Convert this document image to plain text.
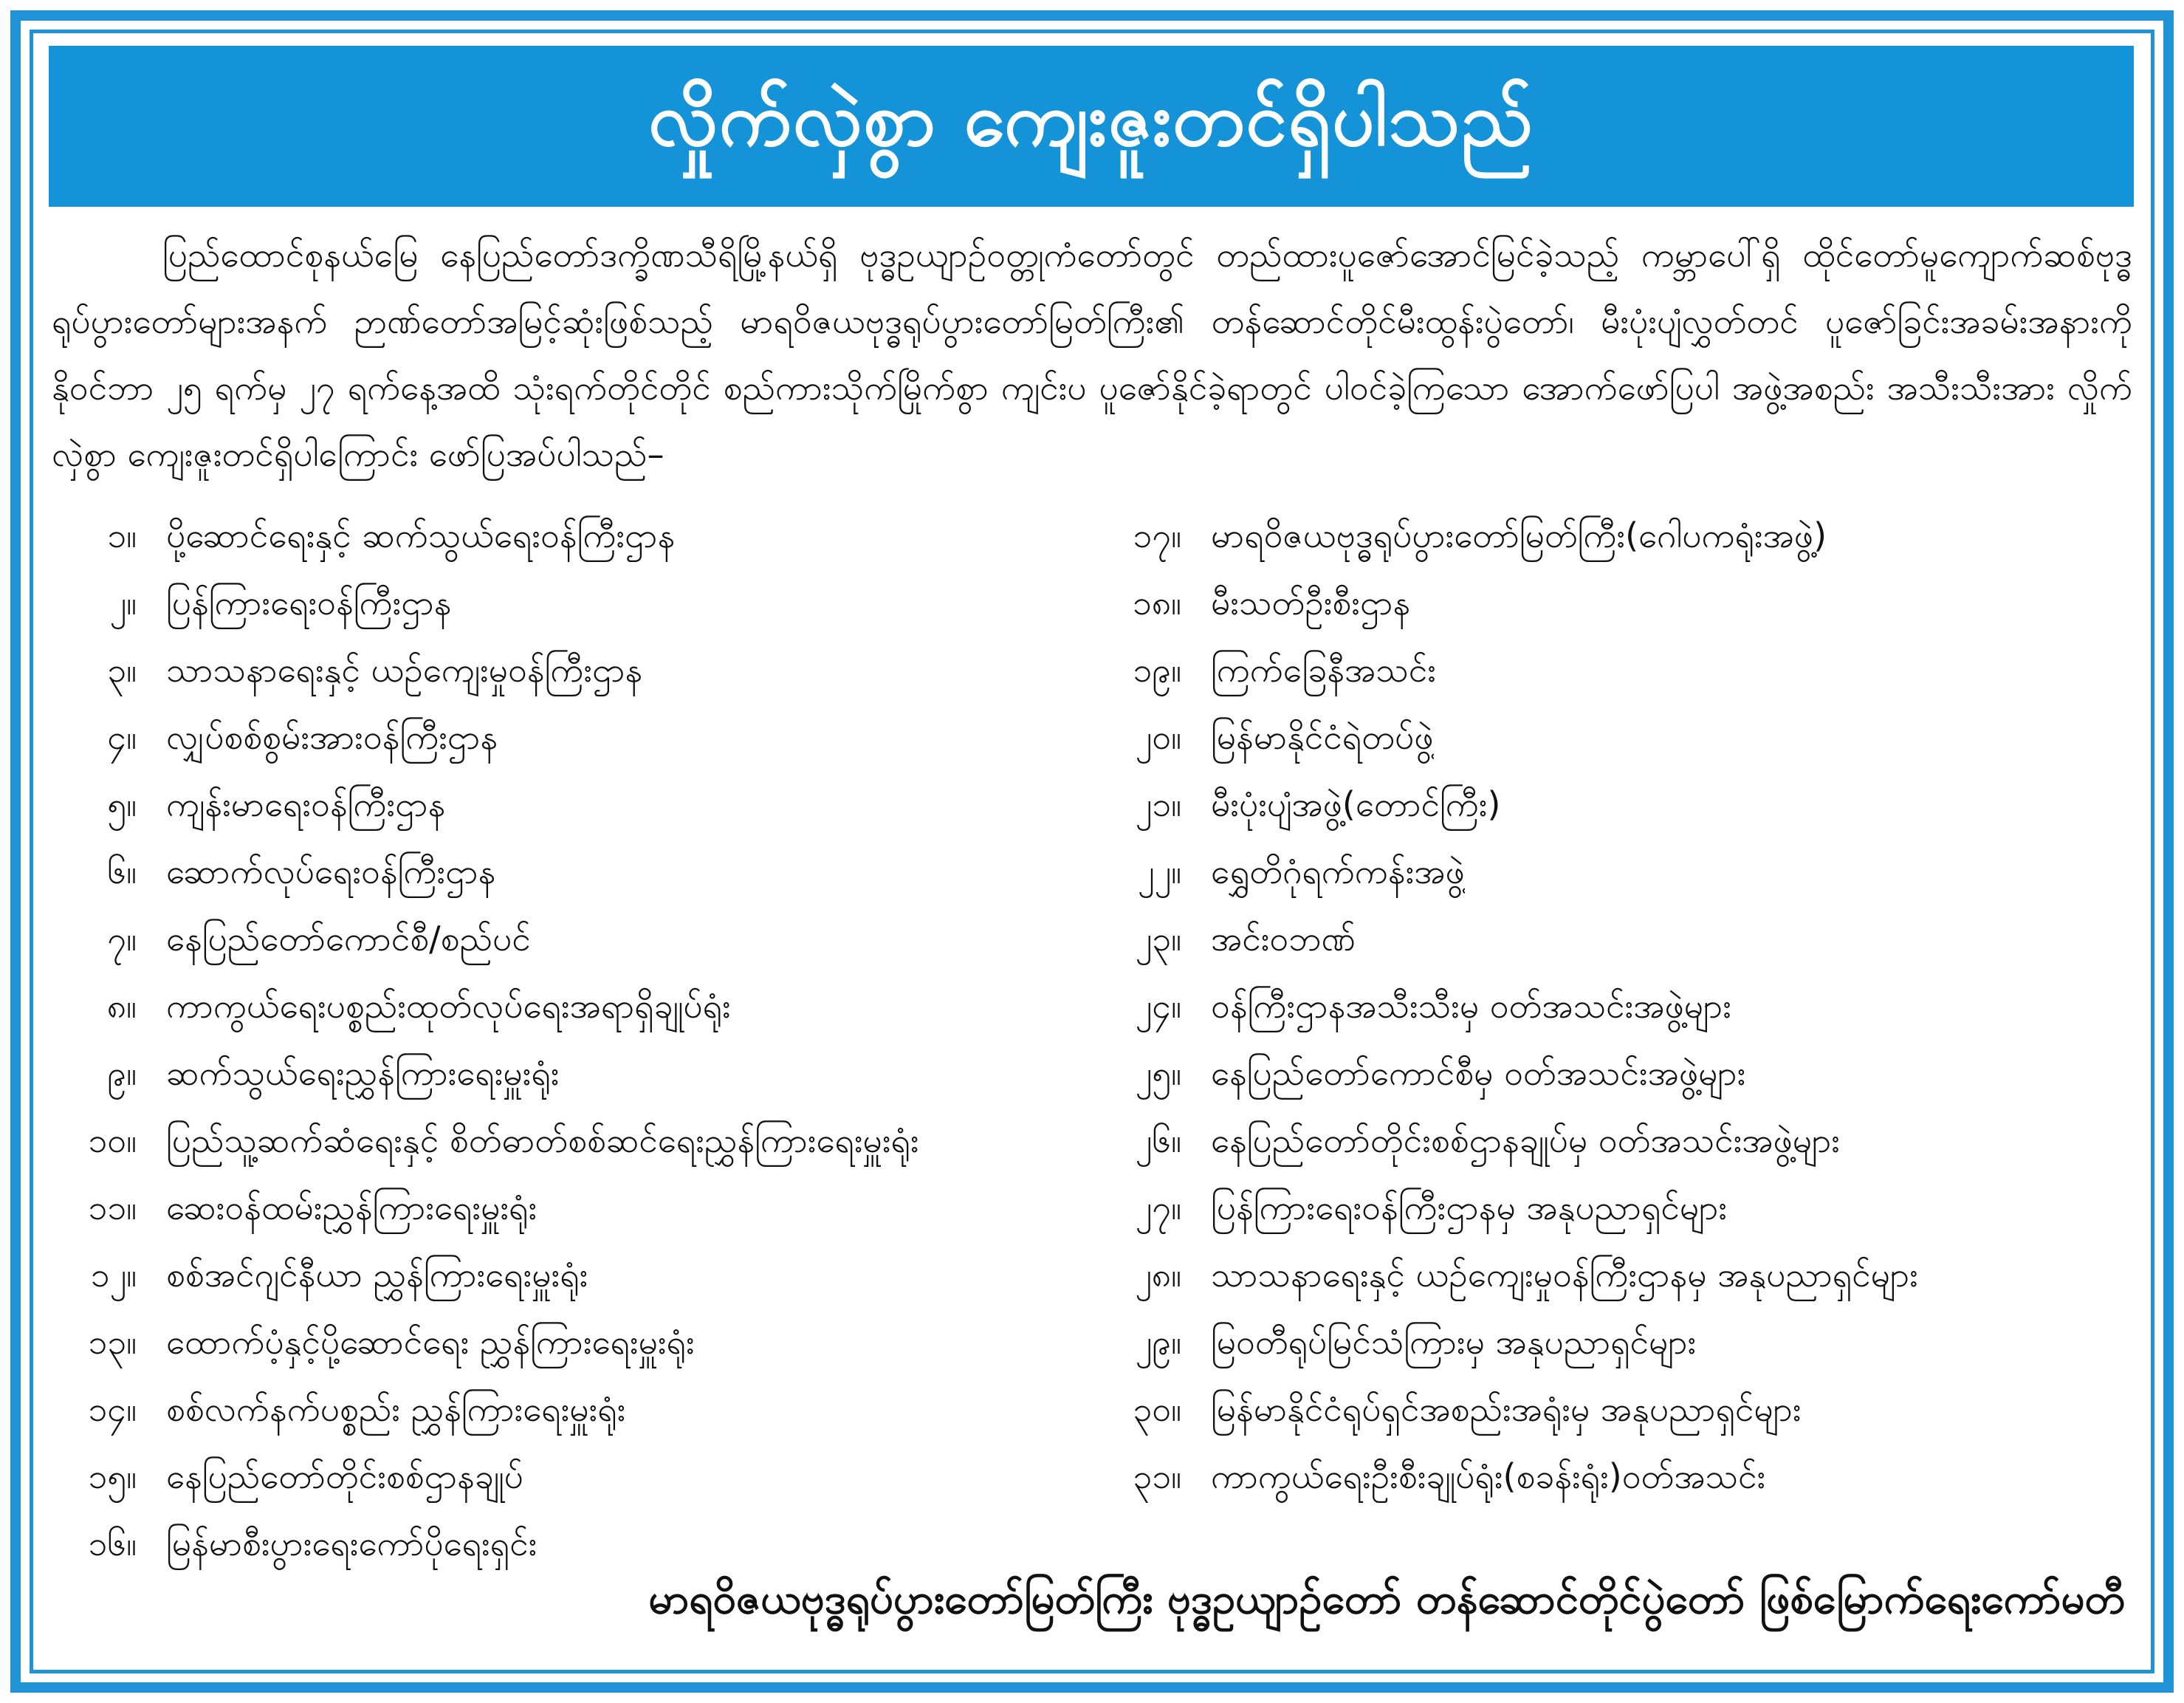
လှိုက်လှဲစွာ ကျေးဇူးတင်ရှိပါသည်
ပြည်ထောင်စုနယ်မြေ နေပြည်တော်ဒက္ခိဏသီရိမြို့နယ်ရှိ ဗုဒ္ဓဥယျာဉ်ဝတ္တုကံတော်တွင် တည်ထားပူဇော်အောင်မြင်ခဲ့သည့် ကမ္ဘာပေါ်ရှိ ထိုင်တော်မူကျောက်ဆစ်ဗုဒ္ဓရုပ်ပွားတော်များအနက် ဉာဏ်တော်အမြင့်ဆုံးဖြစ်သည့် မာရဝိဇယဗုဒ္ဓရုပ်ပွားတော်မြတ်ကြီး၏ တန်ဆောင်တိုင်မီးထွန်းပွဲတော်၊ မီးပုံးပျံလွှတ်တင် ပူဇော်ခြင်းအခမ်းအနားကို နိုဝင်ဘာ ၂၅ ရက်မှ ၂၇ ရက်နေ့အထိ သုံးရက်တိုင်တိုင် စည်ကားသိုက်မြိုက်စွာ ကျင်းပ ပူဇော်နိုင်ခဲ့ရာတွင် ပါဝင်ခဲ့ကြသော အောက်ဖော်ပြပါ အဖွဲ့အစည်း အသီးသီးအား လှိုက်လှဲစွာ ကျေးဇူးတင်ရှိပါကြောင်း ဖော်ပြအပ်ပါသည်–
၁။ ပို့ဆောင်ရေးနှင့် ဆက်သွယ်ရေးဝန်ကြီးဌာန
၂။ ပြန်ကြားရေးဝန်ကြီးဌာန
၃။ သာသနာရေးနှင့် ယဉ်ကျေးမှုဝန်ကြီးဌာန
၄။ လျှပ်စစ်စွမ်းအားဝန်ကြီးဌာန
၅။ ကျန်းမာရေးဝန်ကြီးဌာန
၆။ ဆောက်လုပ်ရေးဝန်ကြီးဌာန
၇။ နေပြည်တော်ကောင်စီ/စည်ပင်
၈။ ကာကွယ်ရေးပစ္စည်းထုတ်လုပ်ရေးအရာရှိချုပ်ရုံး
၉။ ဆက်သွယ်ရေးညွှန်ကြားရေးမှူးရုံး
၁၀။ ပြည်သူ့ဆက်ဆံရေးနှင့် စိတ်ဓာတ်စစ်ဆင်ရေးညွှန်ကြားရေးမှူးရုံး
၁၁။ ဆေးဝန်ထမ်းညွှန်ကြားရေးမှူးရုံး
၁၂။ စစ်အင်ဂျင်နီယာ ညွှန်ကြားရေးမှူးရုံး
၁၃။ ထောက်ပံ့နှင့်ပို့ဆောင်ရေး ညွှန်ကြားရေးမှူးရုံး
၁၄။ စစ်လက်နက်ပစ္စည်း ညွှန်ကြားရေးမှူးရုံး
၁၅။ နေပြည်တော်တိုင်းစစ်ဌာနချုပ်
၁၆။ မြန်မာစီးပွားရေးကော်ပိုရေးရှင်း
၁၇။ မာရဝိဇယဗုဒ္ဓရုပ်ပွားတော်မြတ်ကြီး(ဂေါပကရုံးအဖွဲ့)
၁၈။ မီးသတ်ဦးစီးဌာန
၁၉။ ကြက်ခြေနီအသင်း
၂၀။ မြန်မာနိုင်ငံရဲတပ်ဖွဲ့
၂၁။ မီးပုံးပျံအဖွဲ့(တောင်ကြီး)
၂၂။ ရွှေတိဂုံရက်ကန်းအဖွဲ့
၂၃။ အင်းဝဘဏ်
၂၄။ ဝန်ကြီးဌာနအသီးသီးမှ ဝတ်အသင်းအဖွဲ့များ
၂၅။ နေပြည်တော်ကောင်စီမှ ဝတ်အသင်းအဖွဲ့များ
၂၆။ နေပြည်တော်တိုင်းစစ်ဌာနချုပ်မှ ဝတ်အသင်းအဖွဲ့များ
၂၇။ ပြန်ကြားရေးဝန်ကြီးဌာနမှ အနုပညာရှင်များ
၂၈။ သာသနာရေးနှင့် ယဉ်ကျေးမှုဝန်ကြီးဌာနမှ အနုပညာရှင်များ
၂၉။ မြဝတီရုပ်မြင်သံကြားမှ အနုပညာရှင်များ
၃၀။ မြန်မာနိုင်ငံရုပ်ရှင်အစည်းအရုံးမှ အနုပညာရှင်များ
၃၁။ ကာကွယ်ရေးဦးစီးချုပ်ရုံး(စခန်းရုံး)ဝတ်အသင်း
မာရဝိဇယဗုဒ္ဓရုပ်ပွားတော်မြတ်ကြီး ဗုဒ္ဓဥယျာဉ်တော် တန်ဆောင်တိုင်ပွဲတော် ဖြစ်မြောက်ရေးကော်မတီ
